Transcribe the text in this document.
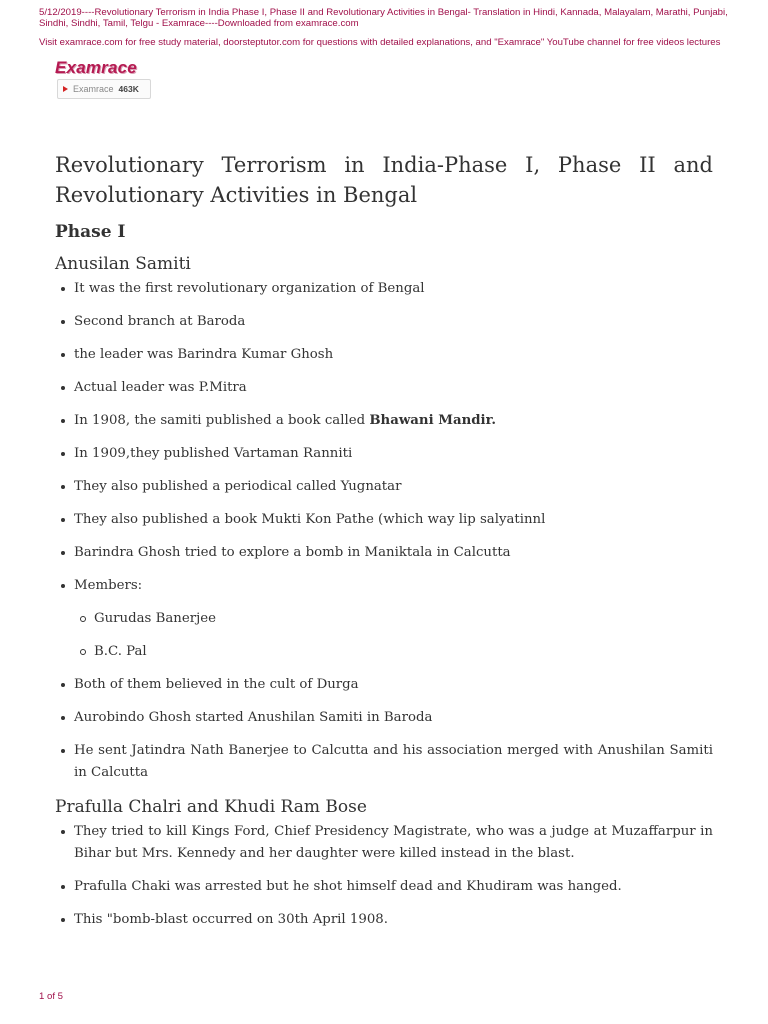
5/12/2019----Revolutionary Terrorism in India Phase I, Phase II and Revolutionary Activities in Bengal- Translation in Hindi, Kannada, Malayalam, Marathi, Punjabi, Sindhi, Sindhi, Tamil, Telgu - Examrace----Downloaded from examrace.com
Visit examrace.com for free study material, doorsteptutor.com for questions with detailed explanations, and "Examrace" YouTube channel for free videos lectures
Examrace
Examrace 463K
Revolutionary Terrorism in India-Phase I, Phase II and Revolutionary Activities in Bengal
Phase I
Anusilan Samiti
It was the first revolutionary organization of Bengal
Second branch at Baroda
the leader was Barindra Kumar Ghosh
Actual leader was P.Mitra
In 1908, the samiti published a book called Bhawani Mandir.
In 1909,they published Vartaman Ranniti
They also published a periodical called Yugnatar
They also published a book Mukti Kon Pathe (which way lip salyatinnl
Barindra Ghosh tried to explore a bomb in Maniktala in Calcutta
Members:
Gurudas Banerjee
B.C. Pal
Both of them believed in the cult of Durga
Aurobindo Ghosh started Anushilan Samiti in Baroda
He sent Jatindra Nath Banerjee to Calcutta and his association merged with Anushilan Samiti in Calcutta
Prafulla Chalri and Khudi Ram Bose
They tried to kill Kings Ford, Chief Presidency Magistrate, who was a judge at Muzaffarpur in Bihar but Mrs. Kennedy and her daughter were killed instead in the blast.
Prafulla Chaki was arrested but he shot himself dead and Khudiram was hanged.
This "bomb-blast occurred on 30th April 1908.
1 of 5
